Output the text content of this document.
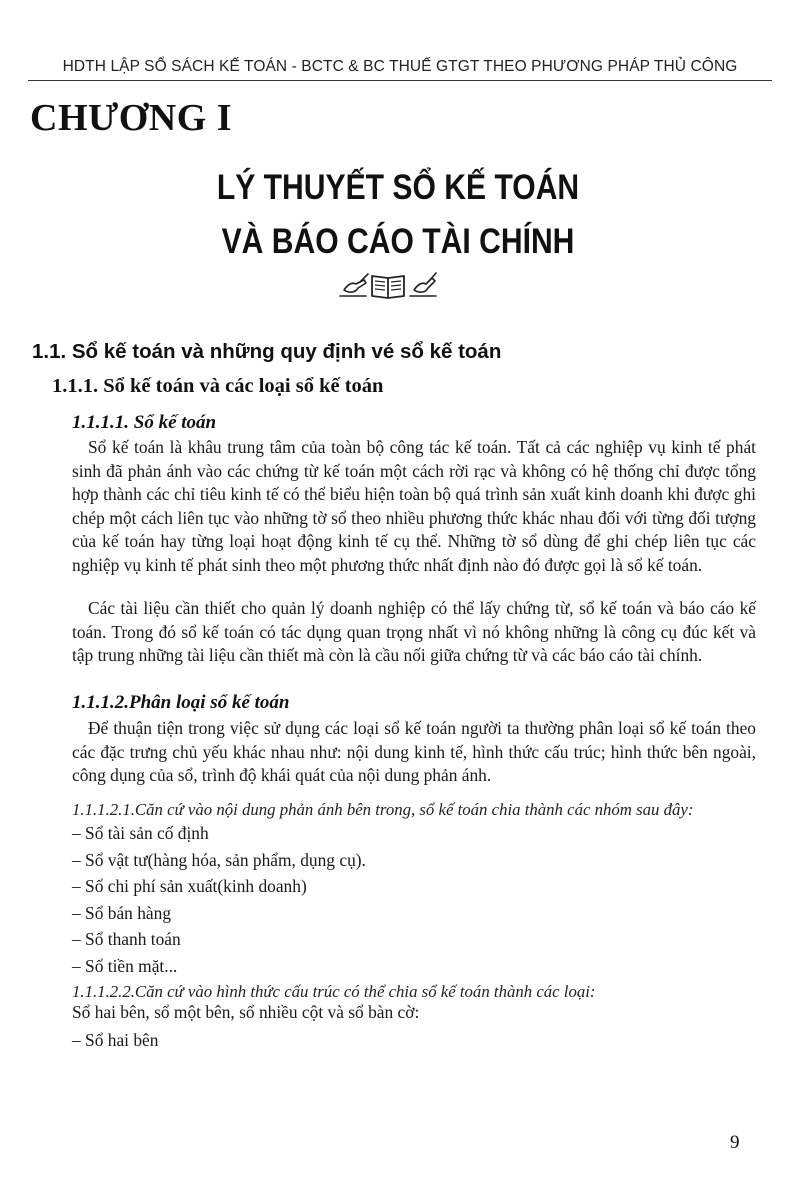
HDTH LẬP SỔ SÁCH KẾ TOÁN - BCTC & BC THUẾ GTGT THEO PHƯƠNG PHÁP THỦ CÔNG
CHƯƠNG I
LÝ THUYẾT SỔ KẾ TOÁN
VÀ BÁO CÁO TÀI CHÍNH
1.1. Sổ kế toán và những quy định vé sổ kế toán
1.1.1. Sổ kế toán và các loại sổ kế toán
1.1.1.1. Sổ kế toán

Sổ kế toán là khâu trung tâm của toàn bộ công tác kế toán. Tất cả các nghiệp vụ kinh tế phát sinh đã phản ánh vào các chứng từ kế toán một cách rời rạc và không có hệ thống chỉ được tổng hợp thành các chỉ tiêu kinh tế có thể biểu hiện toàn bộ quá trình sản xuất kinh doanh khi được ghi chép một cách liên tục vào những tờ sổ theo nhiều phương thức khác nhau đối với từng đối tượng của kế toán hay từng loại hoạt động kinh tế cụ thể. Những tờ sổ dùng để ghi chép liên tục các nghiệp vụ kinh tế phát sinh theo một phương thức nhất định nào đó được gọi là sổ kế toán.

Các tài liệu cần thiết cho quản lý doanh nghiệp có thể lấy chứng từ, sổ kế toán và báo cáo kế toán. Trong đó sổ kế toán có tác dụng quan trọng nhất vì nó không những là công cụ đúc kết và tập trung những tài liệu cần thiết mà còn là cầu nối giữa chứng từ và các báo cáo tài chính.

1.1.1.2.Phân loại sổ kế toán

Để thuận tiện trong việc sử dụng các loại sổ kế toán người ta thường phân loại sổ kế toán theo các đặc trưng chủ yếu khác nhau như: nội dung kinh tế, hình thức cấu trúc; hình thức bên ngoài, công dụng của sổ, trình độ khái quát của nội dung phản ánh.

1.1.1.2.1.Căn cứ vào nội dung phản ánh bên trong, sổ kế toán chia thành các nhóm sau đây:
– Sổ tài sản cố định
– Sổ vật tư(hàng hóa, sản phẩm, dụng cụ).
– Sổ chi phí sản xuất(kinh doanh)
– Sổ bán hàng
– Sổ thanh toán
– Sổ tiền mặt...
1.1.1.2.2.Căn cứ vào hình thức cấu trúc có thể chia sổ kế toán thành các loại:
Sổ hai bên, sổ một bên, sổ nhiều cột và sổ bàn cờ:
– Sổ hai bên
9
